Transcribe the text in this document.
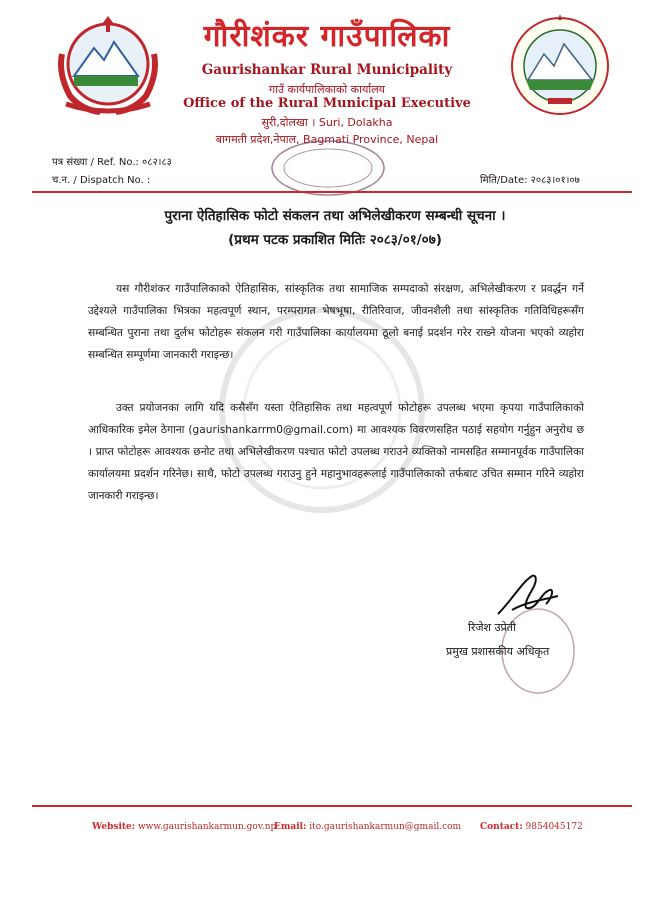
गौरीशंकर गाउँपालिका
Gaurishankar Rural Municipality
गाउँ कार्यपालिकाको कार्यालय
Office of the Rural Municipal Executive
सुरी,दोलखा । Suri, Dolakha
बागमती प्रदेश,नेपाल, Bagmati Province, Nepal
पत्र संख्या / Ref. No.: ०८२।८३
च.न. / Dispatch No. :	मिति/Date: २०८३।०१।०७
पुराना ऐतिहासिक फोटो संकलन तथा अभिलेखीकरण सम्बन्धी सूचना ।
(प्रथम पटक प्रकाशित मितिः २०८३/०१/०७)
यस गौरीशंकर गाउँपालिकाको ऐतिहासिक, सांस्कृतिक तथा सामाजिक सम्पदाको संरक्षण, अभिलेखीकरण र प्रवर्द्धन गर्ने उद्देश्यले गाउँपालिका भित्रका महत्वपूर्ण स्थान, परम्परागत भेषभूषा, रीतिरिवाज, जीवनशैली तथा सांस्कृतिक गतिविधिहरूसँग सम्बन्धित पुराना तथा दुर्लभ फोटोहरू संकलन गरी गाउँपालिका कार्यालयमा ठूलो बनाई प्रदर्शन गरेर राख्ने योजना भएको व्यहोरा सम्बन्धित सम्पूर्णमा जानकारी गराइन्छ।
उक्त प्रयोजनका लागि यदि कसैसँग यस्ता ऐतिहासिक तथा महत्वपूर्ण फोटोहरू उपलब्ध भएमा कृपया गाउँपालिकाको आधिकारिक इमेल ठेगाना (gaurishankarrm0@gmail.com) मा आवश्यक विवरणसहित पठाई सहयोग गर्नुहुन अनुरोध छ । प्राप्त फोटोहरू आवश्यक छनोट तथा अभिलेखीकरण पश्चात फोटो उपलब्ध गराउने व्यक्तिको नामसहित सम्मानपूर्वक गाउँपालिका कार्यालयमा प्रदर्शन गरिनेछ। साथै, फोटो उपलब्ध गराउनु हुने महानुभावहरूलाई गाउँपालिकाको तर्फबाट उचित सम्मान गरिने व्यहोरा जानकारी गराइन्छ।
रिजेश उप्रेती
प्रमुख प्रशासकीय अधिकृत
Website: www.gaurishankarmun.gov.np
Email: ito.gaurishankarmun@gmail.com Contact: 9854045172
